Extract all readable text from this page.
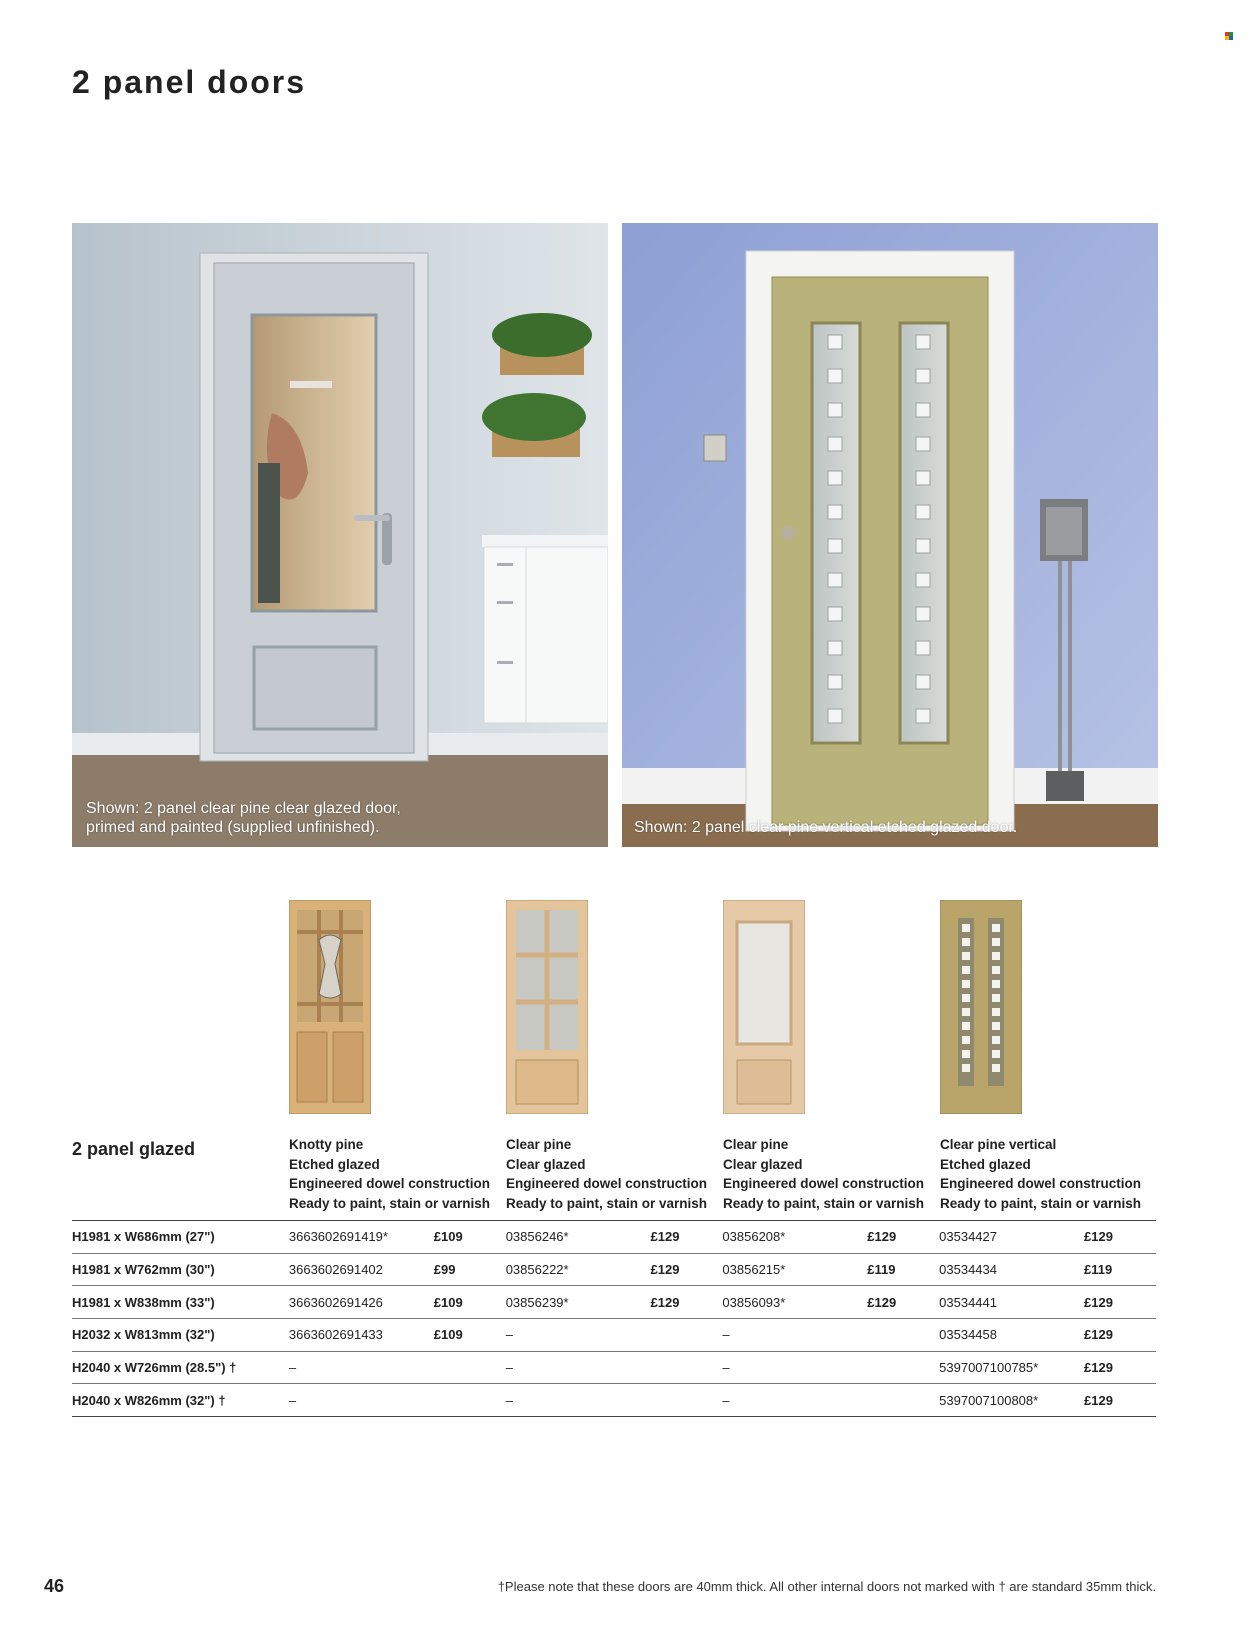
2 panel doors
Shown: 2 panel clear pine clear glazed door,
primed and painted (supplied unfinished).	Shown: 2 panel clear pine vertical etched glazed door.
2 panel glazed	Knotty pine
Etched glazed
Engineered dowel construction
Ready to paint, stain or varnish
Clear pine
Clear glazed
Engineered dowel construction
Ready to paint, stain or varnish
Clear pine
Clear glazed
Engineered dowel construction
Ready to paint, stain or varnish
Clear pine vertical
Etched glazed
Engineered dowel construction
Ready to paint, stain or varnish
H1981 x W686mm (27")	3663602691419*	£109	03856246*	£129	03856208*	£129	03534427	£129
H1981 x W762mm (30")	3663602691402	£99	03856222*	£129	03856215*	£119	03534434	£119
H1981 x W838mm (33")	3663602691426	£109	03856239*	£129	03856093*	£129	03534441	£129
H2032 x W813mm (32")	3663602691433	£109	–		–		03534458	£129
H2040 x W726mm (28.5") †	–		–		–		5397007100785*	£129
H2040 x W826mm (32") †	–		–		–		5397007100808*	£129
46	†Please note that these doors are 40mm thick. All other internal doors not marked with † are standard 35mm thick.
